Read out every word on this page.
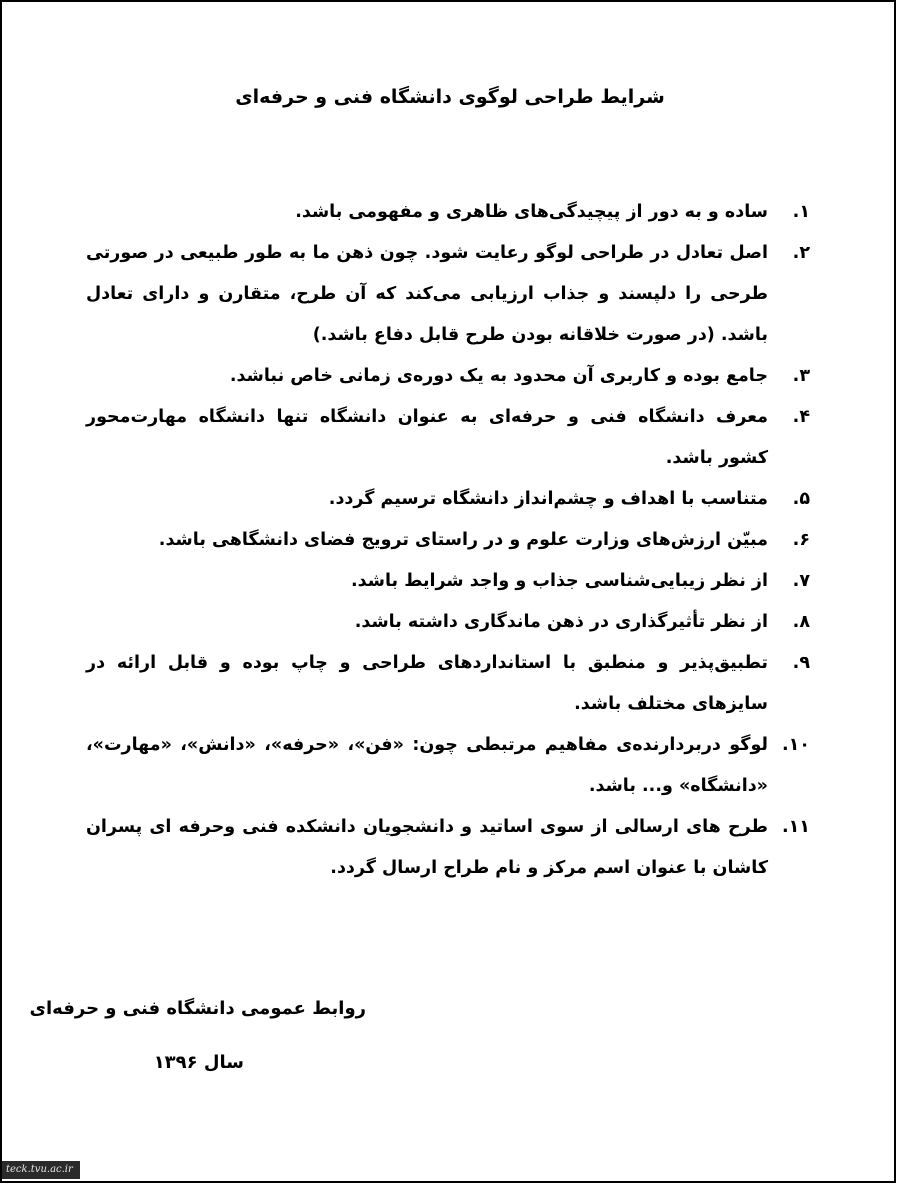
شرایط طراحی لوگوی دانشگاه فنی و حرفه‌ای
۱.
ساده و به دور از پیچیدگی‌های ظاهری و مفهومی باشد.
۲.
اصل تعادل در طراحی لوگو رعایت شود. چون ذهن ما به طور طبیعی در صورتی طرحی را دلپسند و جذاب ارزیابی می‌کند که آن طرح، متقارن و دارای تعادل باشد. (در صورت خلاقانه بودن طرح قابل دفاع باشد.)
۳.
جامع بوده و کاربری آن محدود به یک دوره‌ی زمانی خاص نباشد.
۴.
معرف دانشگاه فنی و حرفه‌ای به عنوان دانشگاه تنها دانشگاه مهارت‌محور کشور باشد.
۵.
متناسب با اهداف و چشم‌انداز دانشگاه ترسیم گردد.
۶.
مبیّن ارزش‌های وزارت علوم و در راستای ترویج فضای دانشگاهی باشد.
۷.
از نظر زیبایی‌شناسی جذاب و واجد شرایط باشد.
۸.
از نظر تأثیرگذاری در ذهن ماندگاری داشته باشد.
۹.
تطبیق‌پذیر و منطبق با استانداردهای طراحی و چاپ بوده و قابل ارائه در سایزهای مختلف باشد.
۱۰.
لوگو دربردارنده‌ی مفاهیم مرتبطی چون: «فن»، «حرفه»، «دانش»، «مهارت»، «دانشگاه» و... باشد.
۱۱.
طرح های ارسالی از سوی اساتید و دانشجویان دانشکده فنی وحرفه ای پسران کاشان با عنوان اسم مرکز و نام طراح ارسال گردد.
روابط عمومی دانشگاه فنی و حرفه‌ای
سال ۱۳۹۶
teck.tvu.ac.ir
